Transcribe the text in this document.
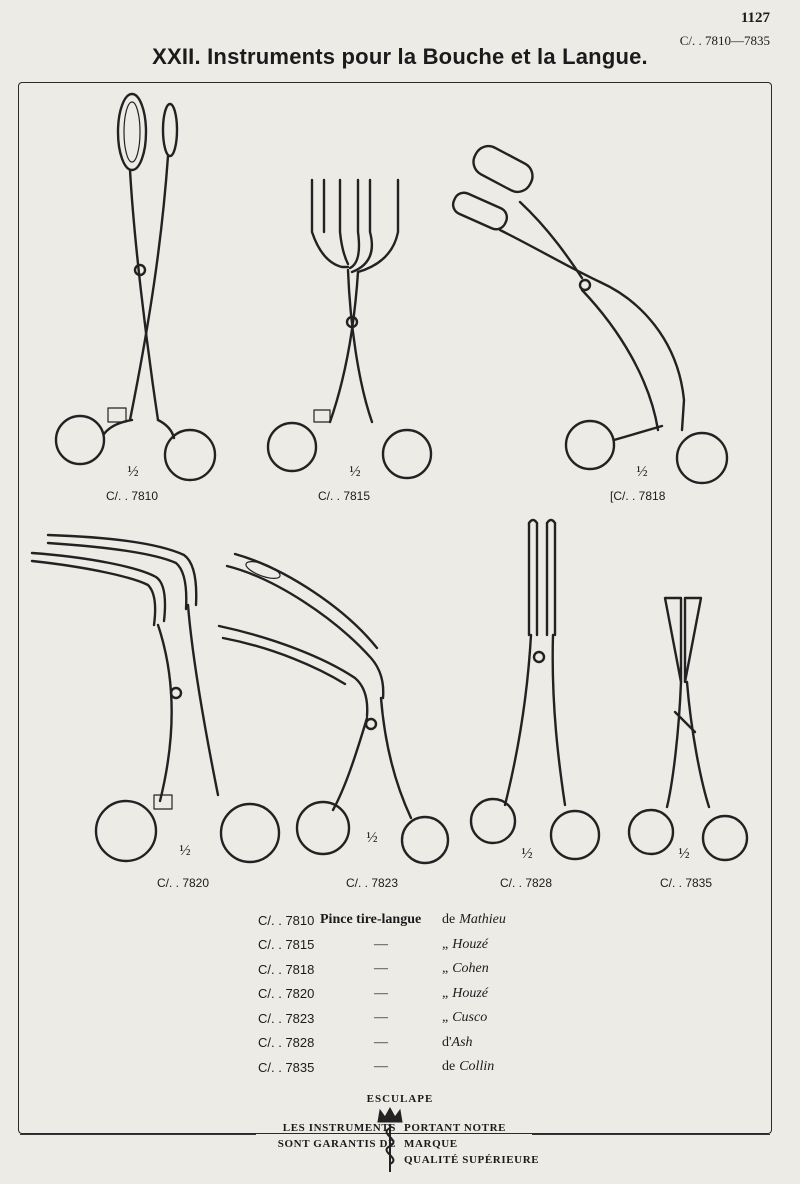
1127
C/. . 7810—7835
XXII. Instruments pour la Bouche et la Langue.
½
C/. . 7810
½
C/. . 7815
½
[C/. . 7818
½
C/. . 7820
½
C/. . 7823
½
C/. . 7828
½
C/. . 7835
C/. . 7810 Pince tire-langue	de Mathieu
C/. . 7815	—	„ Houzé
C/. . 7818	—	„ Cohen
C/. . 7820	—	„ Houzé
C/. . 7823	—	„ Cusco
C/. . 7828	—	d' Ash
C/. . 7835	—	de Collin
ESCULAPE
LES INSTRUMENTS
SONT GARANTIS DE
PORTANT NOTRE MARQUE
QUALITÉ SUPÉRIEURE
